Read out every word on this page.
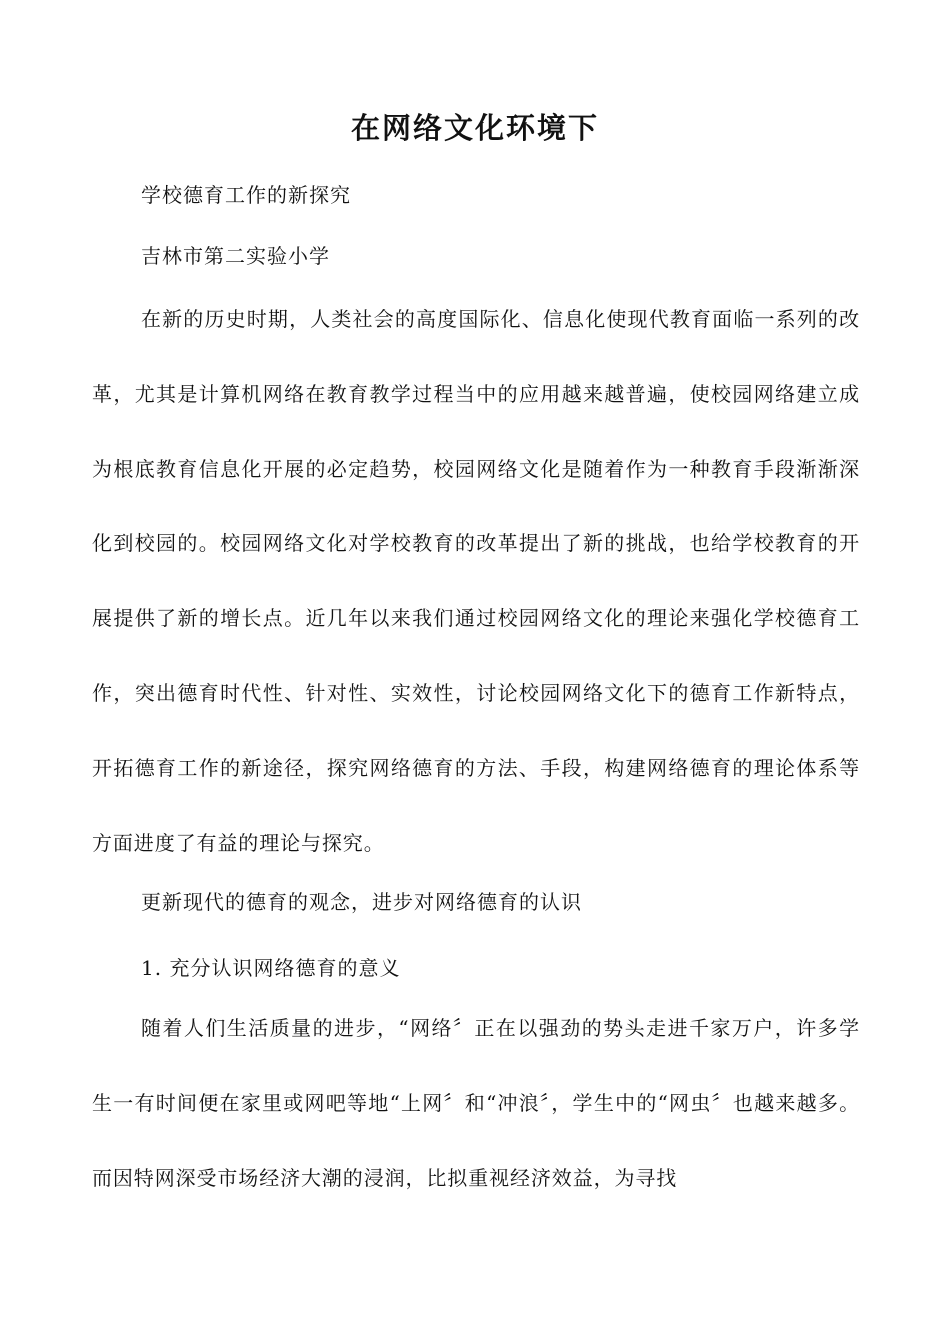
在网络文化环境下

学校德育工作的新探究

吉林市第二实验小学

在新的历史时期，人类社会的高度国际化、信息化使现代教育面临一系列的改革，尤其是计算机网络在教育教学过程当中的应用越来越普遍，使校园网络建立成为根底教育信息化开展的必定趋势，校园网络文化是随着作为一种教育手段渐渐深化到校园的。校园网络文化对学校教育的改革提出了新的挑战，也给学校教育的开展提供了新的增长点。近几年以来我们通过校园网络文化的理论来强化学校德育工作，突出德育时代性、针对性、实效性，讨论校园网络文化下的德育工作新特点，开拓德育工作的新途径，探究网络德育的方法、手段，构建网络德育的理论体系等方面进度了有益的理论与探究。

更新现代的德育的观念，进步对网络德育的认识

1. 充分认识网络德育的意义

随着人们生活质量的进步，“网络〞正在以强劲的势头走进千家万户，许多学生一有时间便在家里或网吧等地“上网〞和“冲浪〞，学生中的“网虫〞也越来越多。而因特网深受市场经济大潮的浸润，比拟重视经济效益，为寻找
